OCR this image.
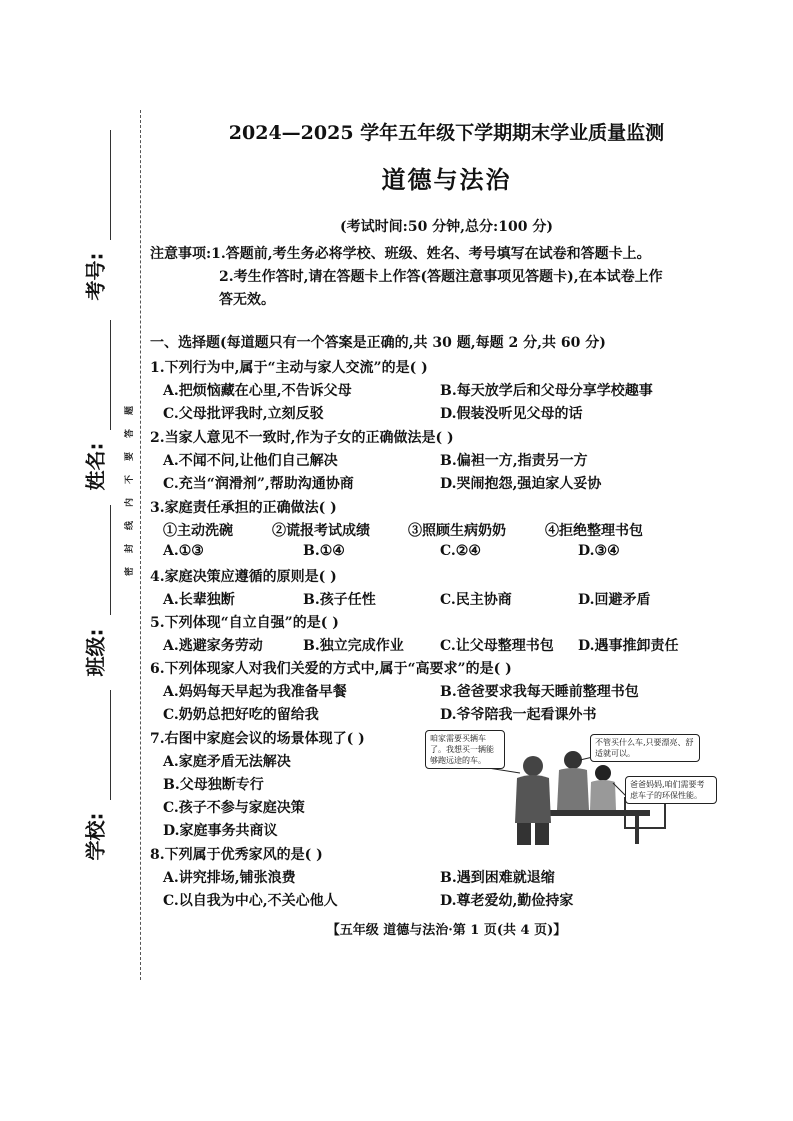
考号:
姓名:
班级:
学校:
密
封
线
内
不
要
答
题
2024—2025 学年五年级下学期期末学业质量监测
道德与法治
(考试时间:50 分钟,总分:100 分)
注意事项:1.答题前,考生务必将学校、班级、姓名、考号填写在试卷和答题卡上。
2.考生作答时,请在答题卡上作答(答题注意事项见答题卡),在本试卷上作
答无效。
一、选择题(每道题只有一个答案是正确的,共 30 题,每题 2 分,共 60 分)
1.下列行为中,属于“主动与家人交流”的是( )
A.把烦恼藏在心里,不告诉父母	B.每天放学后和父母分享学校趣事
C.父母批评我时,立刻反驳	D.假装没听见父母的话
2.当家人意见不一致时,作为子女的正确做法是( )
A.不闻不问,让他们自己解决	B.偏袒一方,指责另一方
C.充当“润滑剂”,帮助沟通协商	D.哭闹抱怨,强迫家人妥协
3.家庭责任承担的正确做法( )
①主动洗碗	②谎报考试成绩	③照顾生病奶奶	④拒绝整理书包
A.①③	B.①④	C.②④	D.③④
4.家庭决策应遵循的原则是( )
A.长辈独断	B.孩子任性	C.民主协商	D.回避矛盾
5.下列体现“自立自强”的是( )
A.逃避家务劳动	B.独立完成作业	C.让父母整理书包 D.遇事推卸责任
6.下列体现家人对我们关爱的方式中,属于“高要求”的是( )
A.妈妈每天早起为我准备早餐	B.爸爸要求我每天睡前整理书包
C.奶奶总把好吃的留给我	D.爷爷陪我一起看课外书
7.右图中家庭会议的场景体现了( )
A.家庭矛盾无法解决
B.父母独断专行
C.孩子不参与家庭决策
D.家庭事务共商议
咱家需要买辆车了。我想买一辆能够跑远途的车。
不管买什么车,只要漂亮、舒适就可以。
爸爸妈妈,咱们需要考虑车子的环保性能。
8.下列属于优秀家风的是( )
A.讲究排场,铺张浪费	B.遇到困难就退缩
C.以自我为中心,不关心他人	D.尊老爱幼,勤俭持家
【五年级 道德与法治·第 1 页(共 4 页)】
